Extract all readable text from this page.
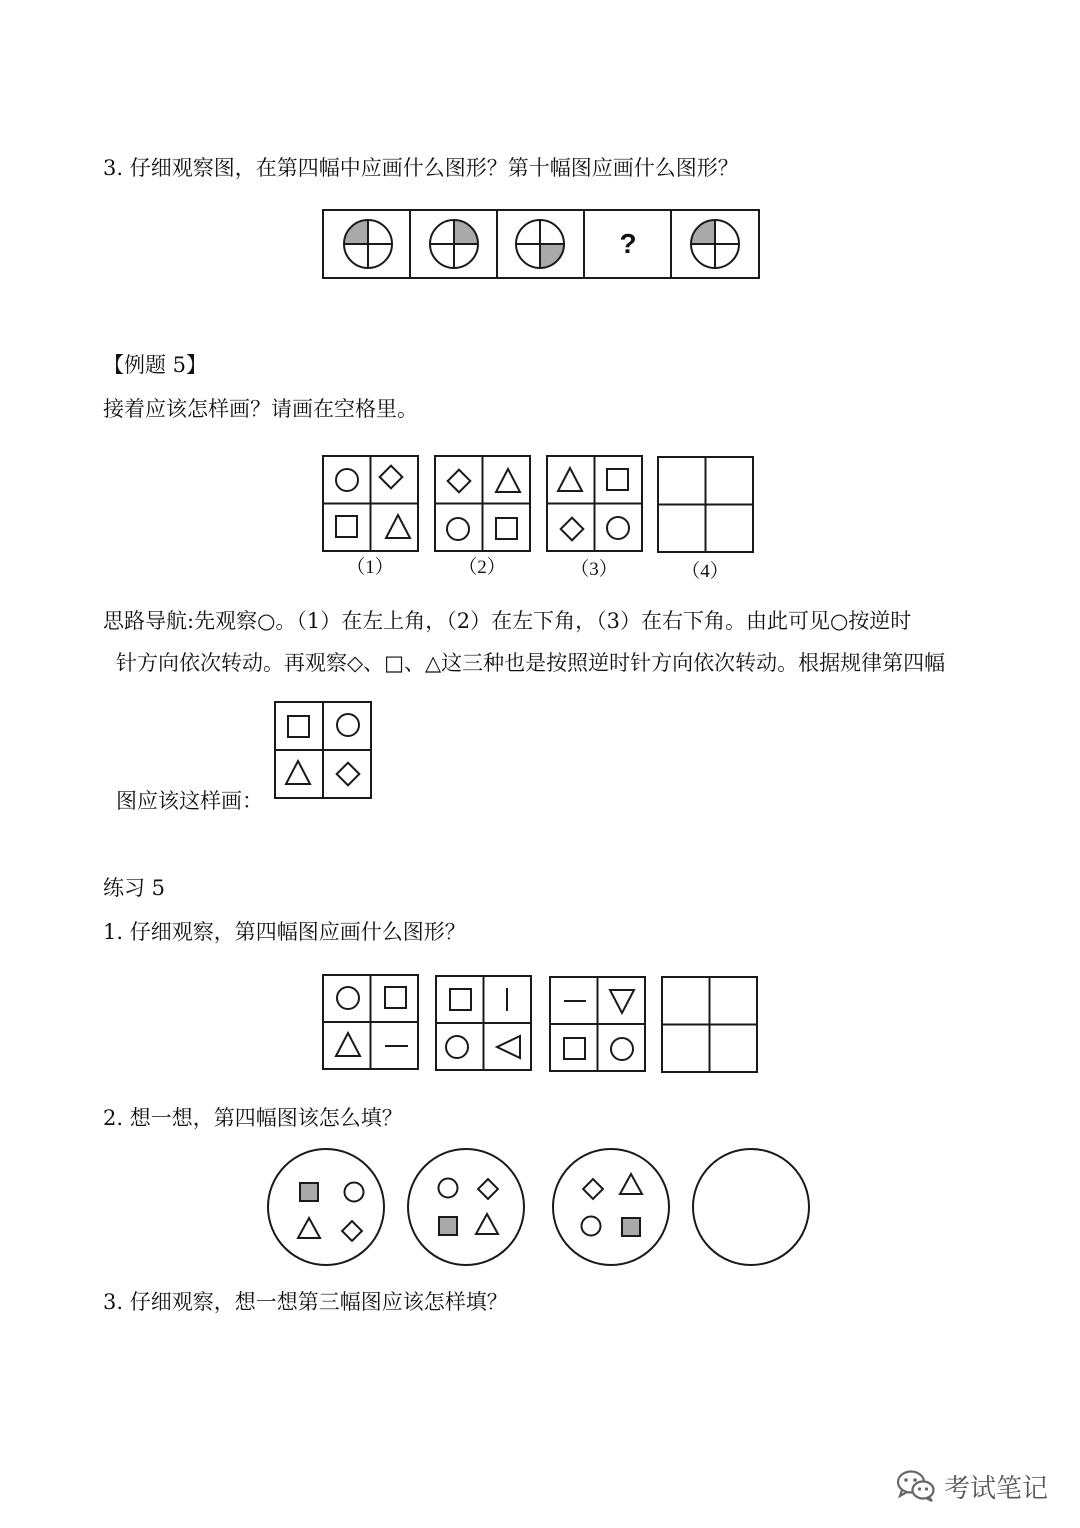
3. 仔细观察图，在第四幅中应画什么图形？第十幅图应画什么图形？

?

【例题 5】

接着应该怎样画？请画在空格里。

（1）	（2）	（3）	（4）

思路导航:先观察○。（1）在左上角，（2）在左下角，（3）在右下角。由此可见○按逆时

针方向依次转动。再观察◇、□、△这三种也是按照逆时针方向依次转动。根据规律第四幅

图应该这样画：

练习 5

1. 仔细观察，第四幅图应画什么图形？

2. 想一想，第四幅图该怎么填？

3. 仔细观察，想一想第三幅图应该怎样填？

考试笔记
